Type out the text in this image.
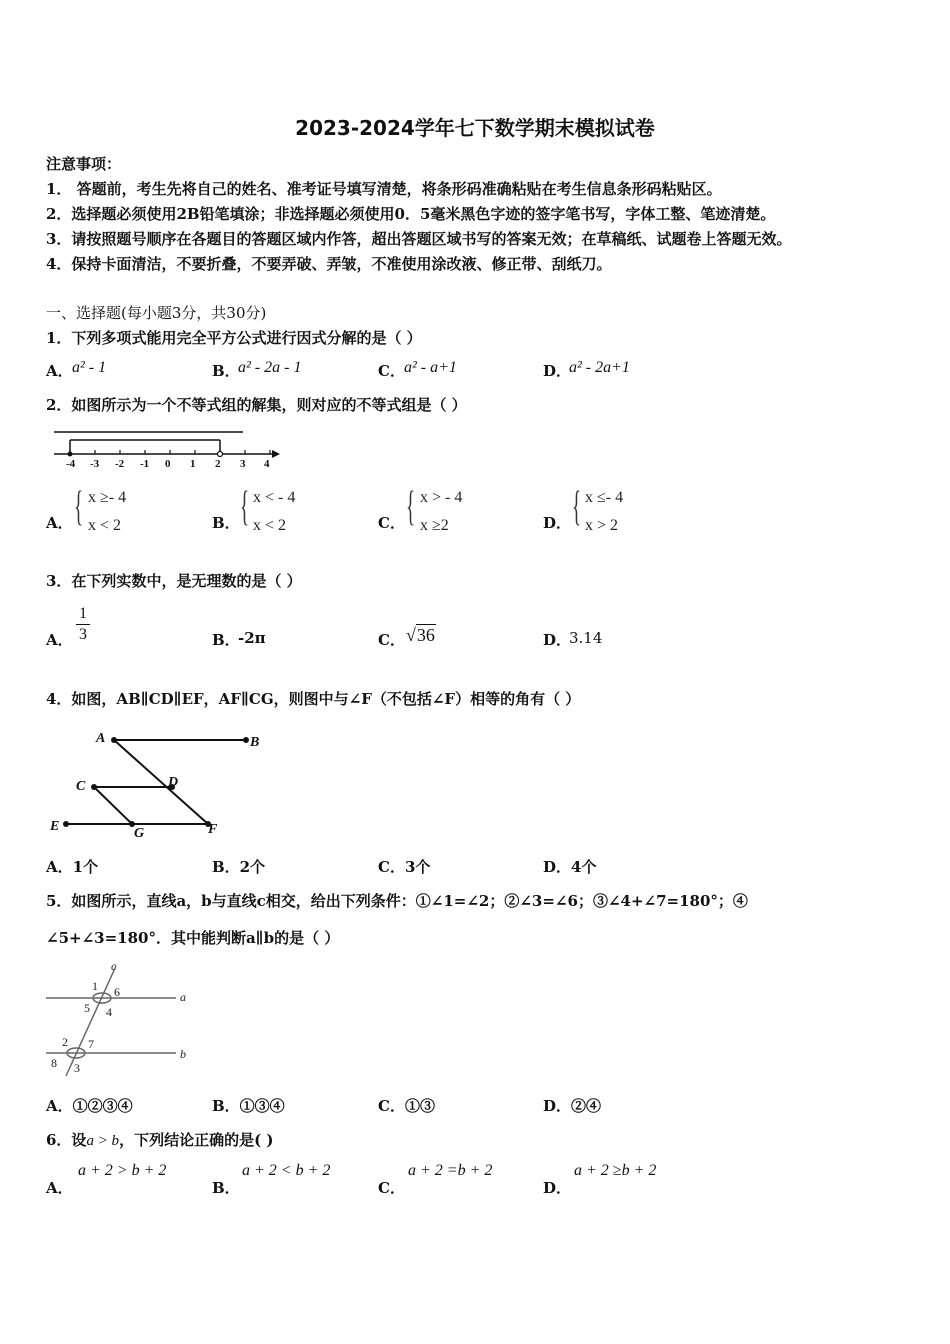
2023-2024学年七下数学期末模拟试卷
注意事项：
1． 答题前，考生先将自己的姓名、准考证号填写清楚，将条形码准确粘贴在考生信息条形码粘贴区。
2．选择题必须使用2B铅笔填涂；非选择题必须使用0．5毫米黑色字迹的签字笔书写，字体工整、笔迹清楚。
3．请按照题号顺序在各题目的答题区域内作答，超出答题区域书写的答案无效；在草稿纸、试题卷上答题无效。
4．保持卡面清洁，不要折叠，不要弄破、弄皱，不准使用涂改液、修正带、刮纸刀。
一、选择题(每小题3分，共30分)
1．下列多项式能用完全平方公式进行因式分解的是（ ）
A． a² - 1	B．
a² - 2a - 1	C． a² - a+1	D．
a² - 2a+1
2．如图所示为一个不等式组的解集，则对应的不等式组是（ ）
-4 -3 -2 -1 0 1 2 3 4
A． { x ≥- 4
x < 2	B． { x < - 4
x < 2	C． { x > - 4
x ≥2	D． { x ≤- 4
x > 2
3．在下列实数中，是无理数的是（ ）
A． $\frac{1}{3}$	B．
-2π	C． √36	D．
3.14
4．如图，AB∥CD∥EF，AF∥CG，则图中与∠F（不包括∠F）相等的角有（ ）
A	B
C	D
E	G	F
A．1个	B．2个	C．3个	D．4个
5．如图所示，直线a，b与直线c相交，给出下列条件：①∠1=∠2；②∠3=∠6；③∠4+∠7=180°；④
∠5+∠3=180°．其中能判断a∥b的是（ ）
c
1 6	a
5 4
2 7
b
8 3
A．①②③④	B．①③④	C．①③	D．②④
6．设a > b，下列结论正确的是( )
A．
a + 2 > b + 2
B．
a + 2 < b + 2
C．
a + 2 =b + 2
D．
a + 2 ≥b + 2
